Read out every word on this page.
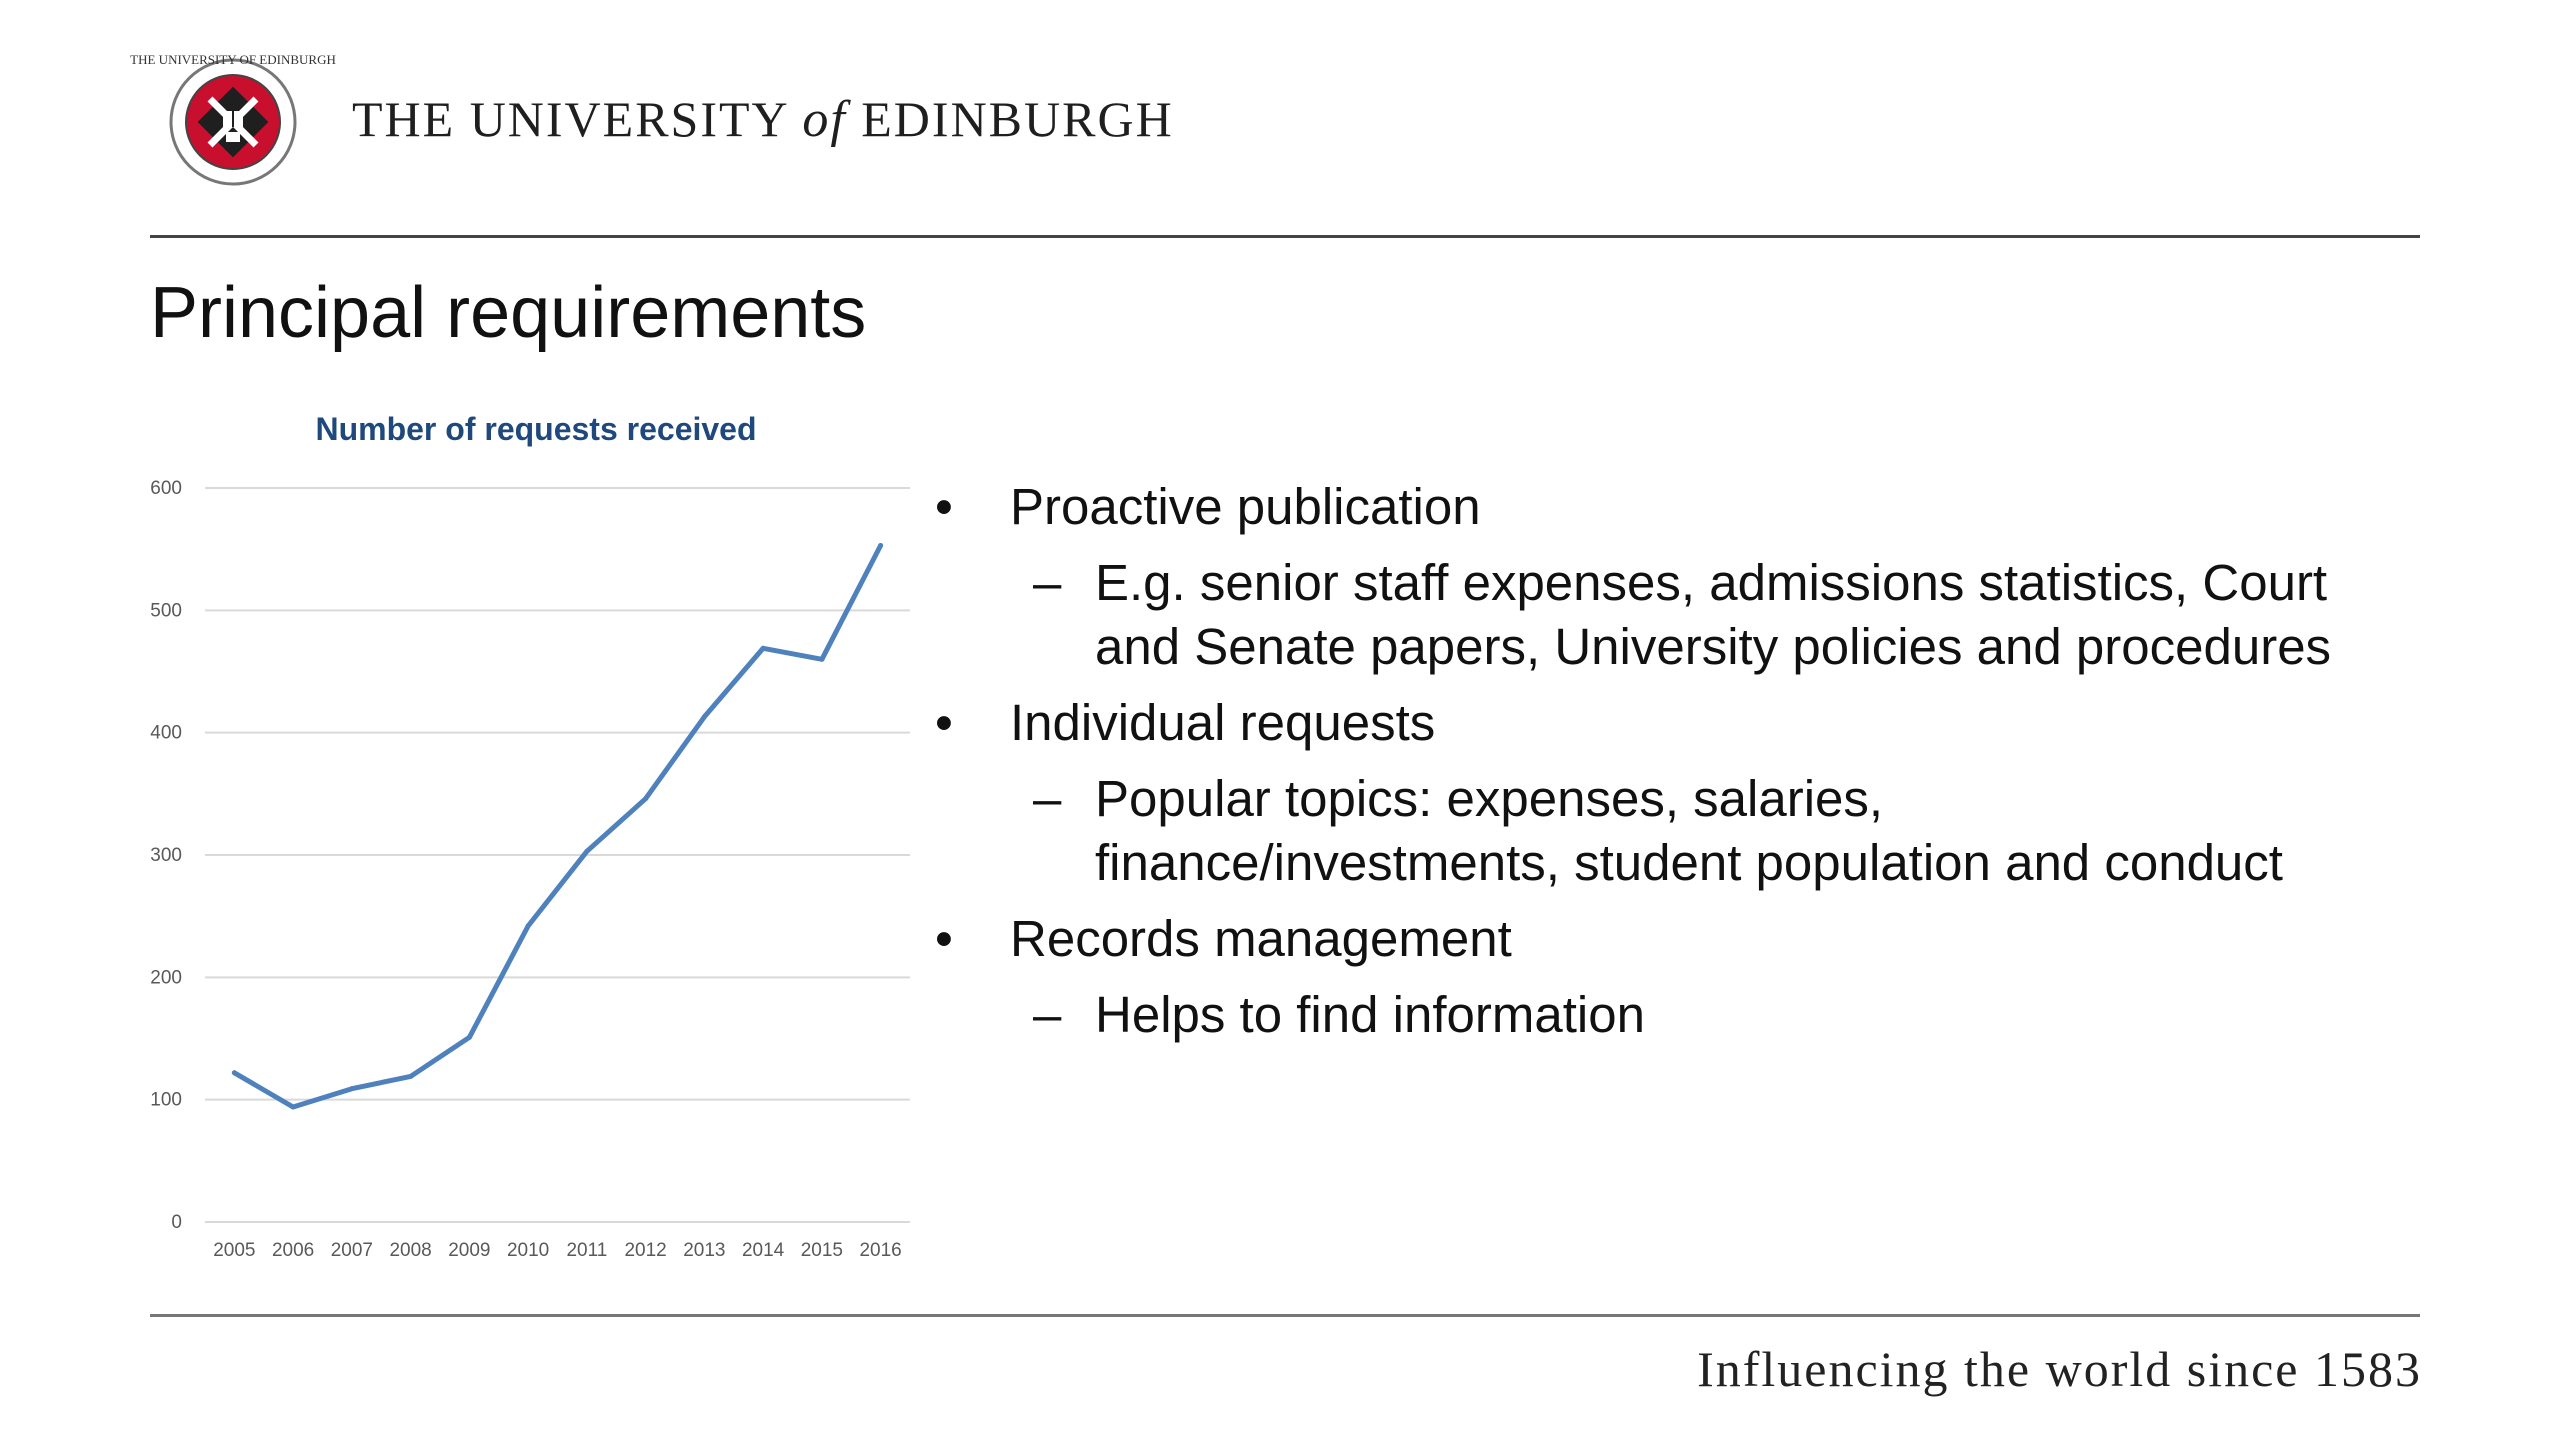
THE UNIVERSITY OF EDINBURGH
THE UNIVERSITY of EDINBURGH
Principal requirements
Number of requests received
0
100
200
300
400
500
600
2005 2006 2007 2008 2009 2010 2011 2012 2013 2014 2015 2016
• Proactive publication
– E.g. senior staff expenses, admissions statistics, Court
and Senate papers, University policies and procedures
• Individual requests
– Popular topics: expenses, salaries,
finance/investments, student population and conduct
• Records management
– Helps to find information
Influencing the world since 1583
